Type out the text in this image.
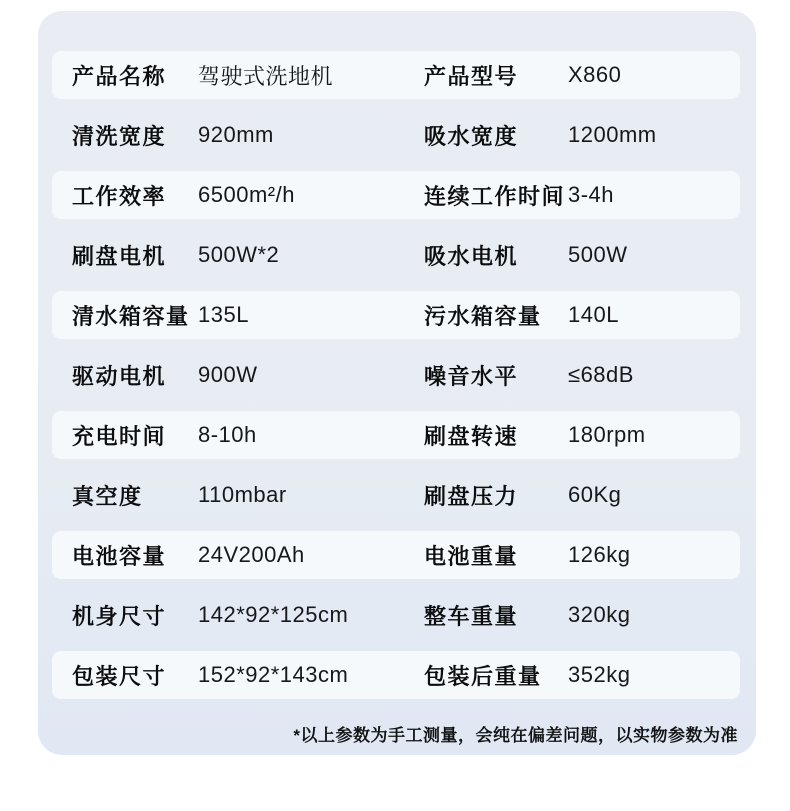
产品名称	驾驶式洗地机	产品型号	X860
清洗宽度	920mm	吸水宽度	1200mm
工作效率	6500m²/h	连续工作时间 3-4h
刷盘电机	500W*2	吸水电机	500W
清水箱容量 135L	污水箱容量	140L
驱动电机	900W	噪音水平	≤68dB
充电时间	8-10h	刷盘转速	180rpm
真空度	110mbar	刷盘压力	60Kg
电池容量	24V200Ah	电池重量	126kg
机身尺寸	142*92*125cm	整车重量	320kg
包装尺寸	152*92*143cm	包装后重量	352kg
*以上参数为手工测量，会纯在偏差问题，以实物参数为准
